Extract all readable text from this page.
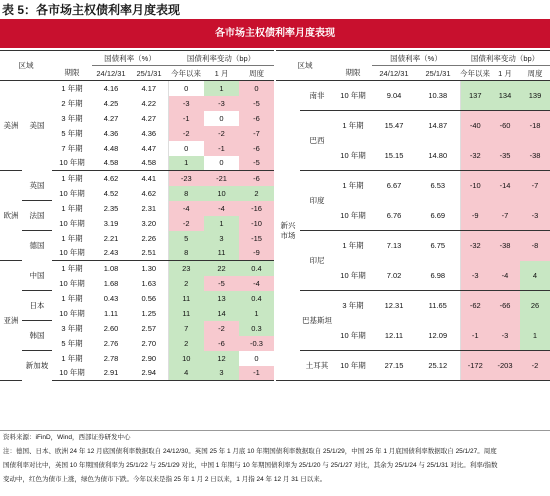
表 5：各市场主权债利率月度表现
各市场主权债利率月度表现
区域			国债利率（%）		国债利率变动（bp）		
		期限	24/12/31	25/1/31	今年以来	1 月	周度
美洲	美国	1 年期	4.16	4.17	0	1	0
		2 年期	4.25	4.22	-3	-3	-5
		3 年期	4.27	4.27	-1	0	-6
		5 年期	4.36	4.36	-2	-2	-7
		7 年期	4.48	4.47	0	-1	-6
		10 年期	4.58	4.58	1	0	-5
欧洲	英国	1 年期	4.62	4.41	-23	-21	-6
		10 年期	4.52	4.62	8	10	2
	法国	1 年期	2.35	2.31	-4	-4	-16
		10 年期	3.19	3.20	-2	1	-10
	德国	1 年期	2.21	2.26	5	3	-15
		10 年期	2.43	2.51	8	11	-9
亚洲	中国	1 年期	1.08	1.30	23	22	0.4
		10 年期	1.68	1.63	2	-5	-4
	日本	1 年期	0.43	0.56	11	13	0.4
		10 年期	1.11	1.25	11	14	1
	韩国	3 年期	2.60	2.57	7	-2	0.3
		5 年期	2.76	2.70	2	-6	-0.3
	新加坡	1 年期	2.78	2.90	10	12	0
		10 年期	2.91	2.94	4	3	-1
区域			国债利率（%）		国债利率变动（bp）		
		期限	24/12/31	25/1/31	今年以来	1 月	周度
	南非	10 年期	9.04	10.38	137	134	139
新兴
市场	巴西	1 年期	15.47	14.87	-40	-60	-18
		10 年期	15.15	14.80	-32	-35	-38
	印度	1 年期	6.67	6.53	-10	-14	-7
		10 年期	6.76	6.69	-9	-7	-3
	印尼	1 年期	7.13	6.75	-32	-38	-8
		10 年期	7.02	6.98	-3	-4	4
	巴基斯坦	3 年期	12.31	11.65	-62	-66	26
		10 年期	12.11	12.09	-1	-3	1
	土耳其	10 年期	27.15	25.12	-172	-203	-2
资料来源：iFinD，Wind，西部证券研发中心
注：德国、日本、欧洲 24 年 12 月底国债利率数据取自 24/12/30。英国 25 年 1 月底 10 年期国债利率数据取自 25/1/29，中国 25 年 1 月底国债利率数据取自 25/1/27。周度
国债利率对比中，英国 10 年期国债利率为 25/1/22 与 25/1/29 对比，中国 1 年期与 10 年期国债利率为 25/1/20 与 25/1/27 对比，其余为 25/1/24 与 25/1/31 对比。利率/指数
变动中，红色为债市上涨，绿色为债市下跌。今年以来是指 25 年 1 月 2 日以来，1 月指 24 年 12 月 31 日以来。
